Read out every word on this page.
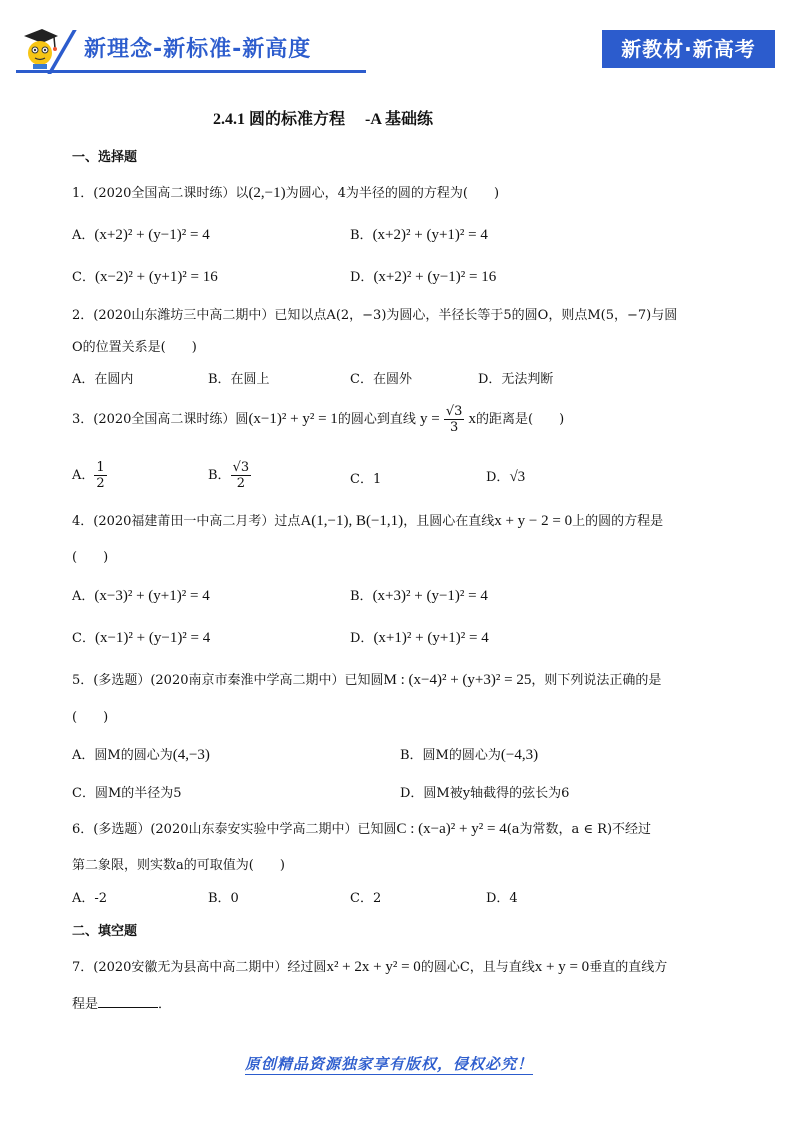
新理念-新标准-新高度	新教材·新高考
2.4.1 圆的标准方程　 -A 基础练
一、选择题
1．(2020全国高二课时练）以(2,−1)为圆心，4为半径的圆的方程为(　　)
A．(x+2)² + (y−1)² = 4	B．(x+2)² + (y+1)² = 4
C．(x−2)² + (y+1)² = 16	D．(x+2)² + (y−1)² = 16
2．(2020山东潍坊三中高二期中）已知以点A(2，−3)为圆心，半径长等于5的圆O，则点M(5，−7)与圆
O的位置关系是(　　)
A．在圆内	B．在圆上	C．在圆外	D．无法判断
3．(2020全国高二课时练）圆(x−1)² + y² = 1的圆心到直线 $y = \frac{√3}{3}$ x的距离是(　　)
A． $\frac{1}{2}$	B． $\frac{√3}{2}$	C．1	D．√3
4．(2020福建莆田一中高二月考）过点A(1,−1), B(−1,1)，且圆心在直线x + y − 2 = 0上的圆的方程是
(　　)
A．(x−3)² + (y+1)² = 4	B．(x+3)² + (y−1)² = 4
C．(x−1)² + (y−1)² = 4	D．(x+1)² + (y+1)² = 4
5．(多选题）(2020南京市秦淮中学高二期中）已知圆M : (x−4)² + (y+3)² = 25，则下列说法正确的是
(　　)
A．圆M的圆心为(4,−3)	B．圆M的圆心为(−4,3)
C．圆M的半径为5	D．圆M被y轴截得的弦长为6
6．(多选题）(2020山东泰安实验中学高二期中）已知圆C : (x−a)² + y² = 4(a为常数，a ∈ R)不经过
第二象限，则实数a的可取值为(　　)
A．-2	B．0	C．2	D．4
二、填空题
7．(2020安徽无为县高中高二期中）经过圆x² + 2x + y² = 0的圆心C，且与直线x + y = 0垂直的直线方
程是	．
原创精品资源独家享有版权，侵权必究！
